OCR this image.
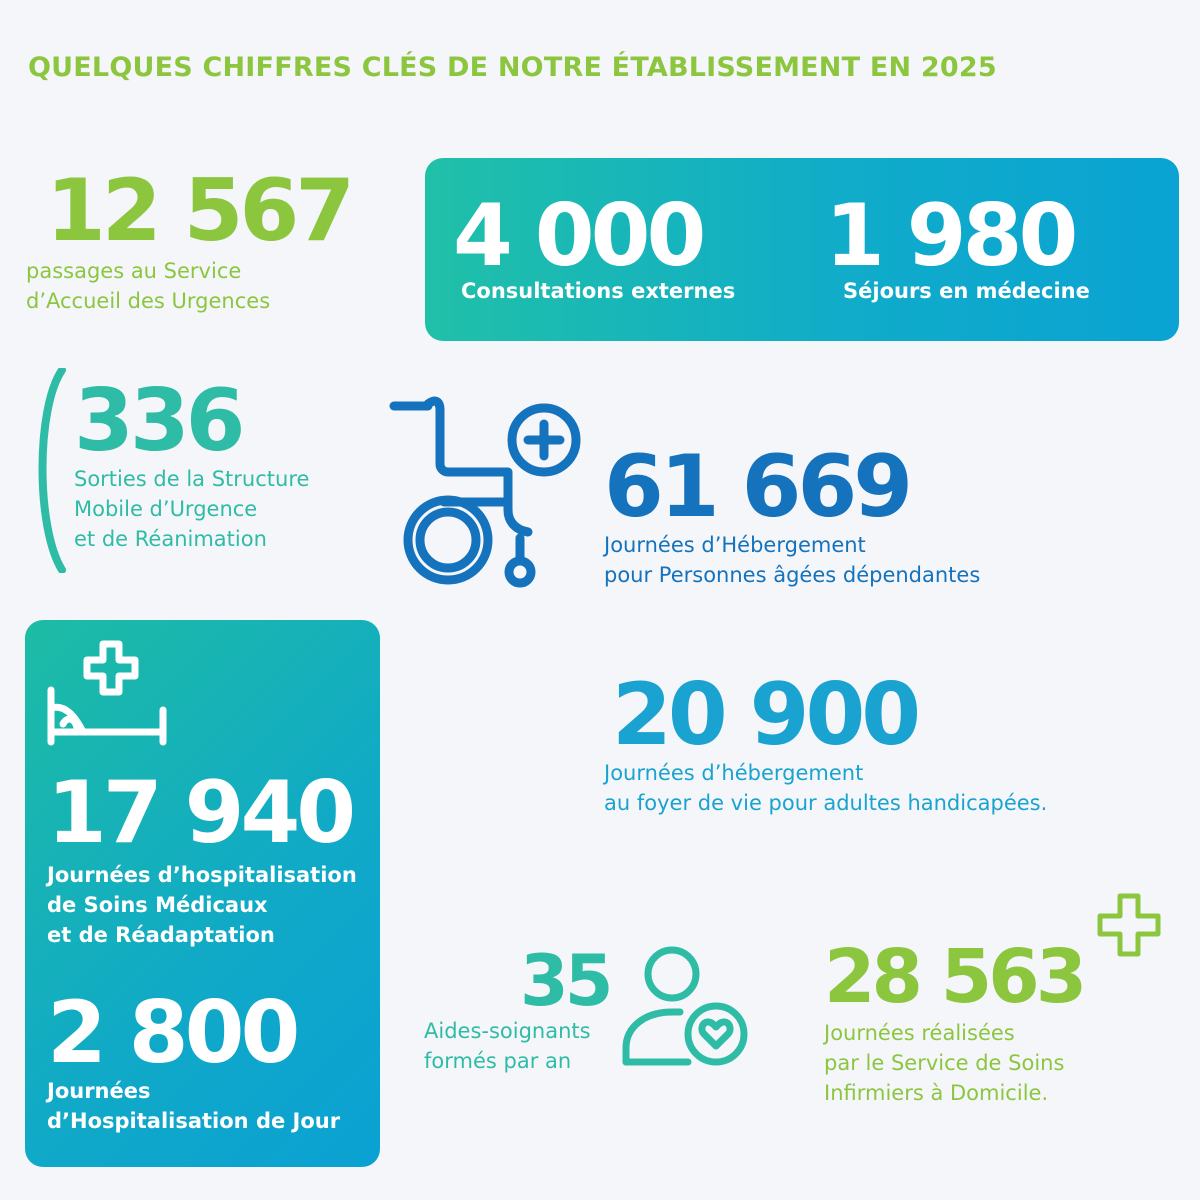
QUELQUES CHIFFRES CLÉS DE NOTRE ÉTABLISSEMENT EN 2025
12 567
passages au Service
d’Accueil des Urgences
4 000
Consultations externes
1 980
Séjours en médecine
336
Sorties de la Structure
Mobile d’Urgence
et de Réanimation
61 669
Journées d’Hébergement
pour Personnes âgées dépendantes
17 940
Journées d’hospitalisation
de Soins Médicaux
et de Réadaptation
2 800
Journées
d’Hospitalisation de Jour
20 900
Journées d’hébergement
au foyer de vie pour adultes handicapées.
35
Aides-soignants
formés par an
28 563
Journées réalisées
par le Service de Soins
Infirmiers à Domicile.
